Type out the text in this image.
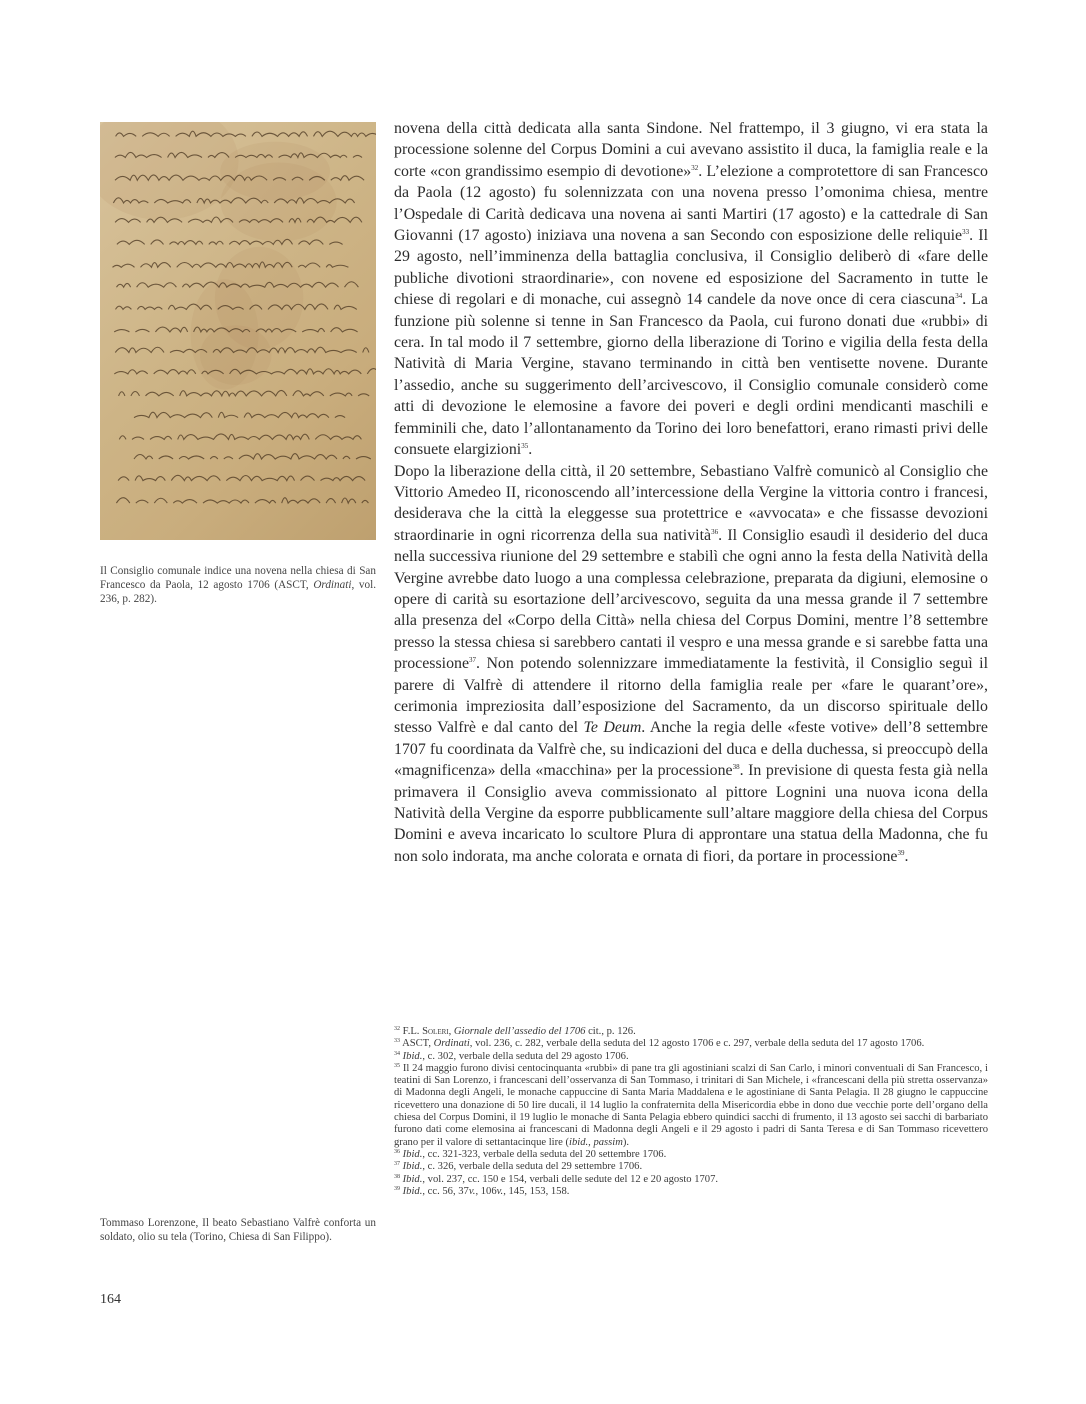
Il Consiglio comunale indice una novena nella chiesa di San Francesco da Paola, 12 agosto 1706 (ASCT, Ordinati, vol. 236, p. 282).

novena della città dedicata alla santa Sindone. Nel frattempo, il 3 giugno, vi era stata la processione solenne del Corpus Domini a cui avevano assistito il duca, la famiglia reale e la corte «con grandissimo esempio di devotione»$^{32}$. L’elezione a comprotettore di san Francesco da Paola (12 agosto) fu solennizzata con una novena presso l’omonima chiesa, mentre l’Ospedale di Carità dedicava una novena ai santi Martiri (17 agosto) e la cattedrale di San Giovanni (17 agosto) iniziava una novena a san Secondo con esposizione delle reliquie$^{33}$. Il 29 agosto, nell’imminenza della battaglia conclusiva, il Consiglio deliberò di «fare delle publiche divotioni straordinarie», con novene ed esposizione del Sacramento in tutte le chiese di regolari e di monache, cui assegnò 14 candele da nove once di cera ciascuna$^{34}$. La funzione più solenne si tenne in San Francesco da Paola, cui furono donati due «rubbi» di cera. In tal modo il 7 settembre, giorno della liberazione di Torino e vigilia della festa della Natività di Maria Vergine, stavano terminando in città ben ventisette novene. Durante l’assedio, anche su suggerimento dell’arcivescovo, il Consiglio comunale considerò come atti di devozione le elemosine a favore dei poveri e degli ordini mendicanti maschili e femminili che, dato l’allontanamento da Torino dei loro benefattori, erano rimasti privi delle consuete elargizioni$^{35}$.

Dopo la liberazione della città, il 20 settembre, Sebastiano Valfrè comunicò al Consiglio che Vittorio Amedeo II, riconoscendo all’intercessione della Vergine la vittoria contro i francesi, desiderava che la città la eleggesse sua protettrice e «avvocata» e che fissasse devozioni straordinarie in ogni ricorrenza della sua natività$^{36}$. Il Consiglio esaudì il desiderio del duca nella successiva riunione del 29 settembre e stabilì che ogni anno la festa della Natività della Vergine avrebbe dato luogo a una complessa celebrazione, preparata da digiuni, elemosine o opere di carità su esortazione dell’arcivescovo, seguita da una messa grande il 7 settembre alla presenza del «Corpo della Città» nella chiesa del Corpus Domini, mentre l’8 settembre presso la stessa chiesa si sarebbero cantati il vespro e una messa grande e si sarebbe fatta una processione$^{37}$. Non potendo solennizzare immediatamente la festività, il Consiglio seguì il parere di Valfrè di attendere il ritorno della famiglia reale per «fare le quarant’ore», cerimonia impreziosita dall’esposizione del Sacramento, da un discorso spirituale dello stesso Valfrè e dal canto del Te Deum. Anche la regia delle «feste votive» dell’8 settembre 1707 fu coordinata da Valfrè che, su indicazioni del duca e della duchessa, si preoccupò della «magnificenza» della «macchina» per la processione$^{38}$. In previsione di questa festa già nella primavera il Consiglio aveva commissionato al pittore Lognini una nuova icona della Natività della Vergine da esporre pubblicamente sull’altare maggiore della chiesa del Corpus Domini e aveva incaricato lo scultore Plura di approntare una statua della Madonna, che fu non solo indorata, ma anche colorata e ornata di fiori, da portare in processione$^{39}$.

$^{32}$ F.L. Soleri, Giornale dell’assedio del 1706 cit., p. 126.

$^{33}$ ASCT, Ordinati, vol. 236, c. 282, verbale della seduta del 12 agosto 1706 e c. 297, verbale della seduta del 17 agosto 1706.

$^{34}$ Ibid., c. 302, verbale della seduta del 29 agosto 1706.

$^{35}$ Il 24 maggio furono divisi centocinquanta «rubbi» di pane tra gli agostiniani scalzi di San Carlo, i minori conventuali di San Francesco, i teatini di San Lorenzo, i francescani dell’osservanza di San Tommaso, i trinitari di San Michele, i «francescani della più stretta osservanza» di Madonna degli Angeli, le monache cappuccine di Santa Maria Maddalena e le agostiniane di Santa Pelagia. Il 28 giugno le cappuccine ricevettero una donazione di 50 lire ducali, il 14 luglio la confraternita della Misericordia ebbe in dono due vecchie porte dell’organo della chiesa del Corpus Domini, il 19 luglio le monache di Santa Pelagia ebbero quindici sacchi di frumento, il 13 agosto sei sacchi di barbariato furono dati come elemosina ai francescani di Madonna degli Angeli e il 29 agosto i padri di Santa Teresa e di San Tommaso ricevettero grano per il valore di settantacinque lire (ibid., passim).

$^{36}$ Ibid., cc. 321-323, verbale della seduta del 20 settembre 1706.

$^{37}$ Ibid., c. 326, verbale della seduta del 29 settembre 1706.

$^{38}$ Ibid., vol. 237, cc. 150 e 154, verbali delle sedute del 12 e 20 agosto 1707.

$^{39}$ Ibid., cc. 56, 37v., 106v., 145, 153, 158.

Tommaso Lorenzone, Il beato Sebastiano Valfrè conforta un soldato, olio su tela (Torino, Chiesa di San Filippo).
164
